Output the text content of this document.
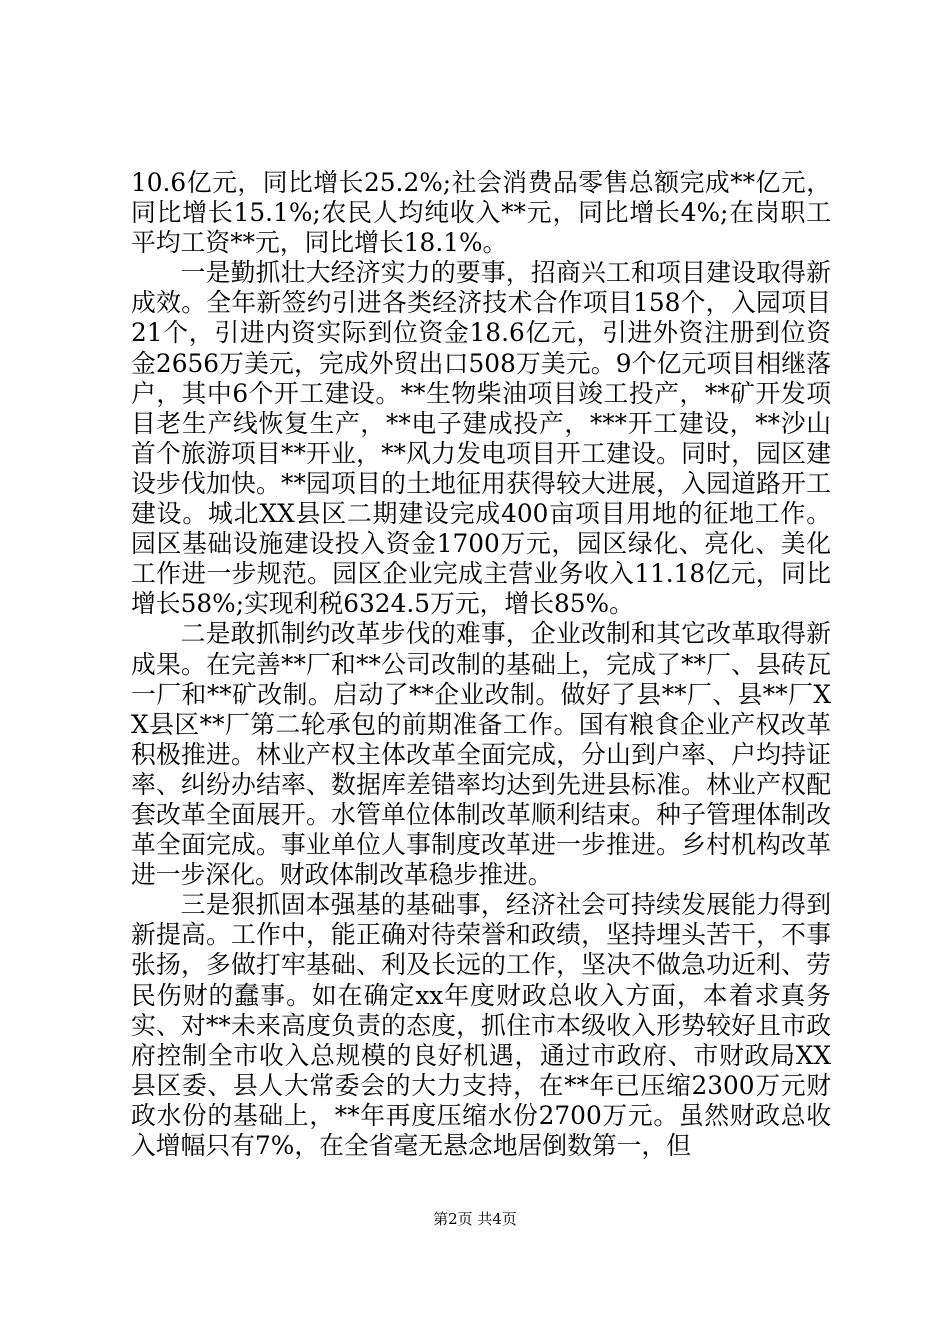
10.6亿元，同比增长25.2%;社会消费品零售总额完成**亿元，同比增长15.1%;农民人均纯收入**元，同比增长4%;在岗职工平均工资**元，同比增长18.1%。

一是勤抓壮大经济实力的要事，招商兴工和项目建设取得新成效。全年新签约引进各类经济技术合作项目158个，入园项目21个，引进内资实际到位资金18.6亿元，引进外资注册到位资金2656万美元，完成外贸出口508万美元。9个亿元项目相继落户，其中6个开工建设。**生物柴油项目竣工投产，**矿开发项目老生产线恢复生产，**电子建成投产，***开工建设，**沙山首个旅游项目**开业，**风力发电项目开工建设。同时，园区建设步伐加快。**园项目的土地征用获得较大进展，入园道路开工建设。城北XX县区二期建设完成400亩项目用地的征地工作。园区基础设施建设投入资金1700万元，园区绿化、亮化、美化工作进一步规范。园区企业完成主营业务收入11.18亿元，同比增长58%;实现利税6324.5万元，增长85%。

二是敢抓制约改革步伐的难事，企业改制和其它改革取得新成果。在完善**厂和**公司改制的基础上，完成了**厂、县砖瓦一厂和**矿改制。启动了**企业改制。做好了县**厂、县**厂XX县区**厂第二轮承包的前期准备工作。国有粮食企业产权改革积极推进。林业产权主体改革全面完成，分山到户率、户均持证率、纠纷办结率、数据库差错率均达到先进县标准。林业产权配套改革全面展开。水管单位体制改革顺利结束。种子管理体制改革全面完成。事业单位人事制度改革进一步推进。乡村机构改革进一步深化。财政体制改革稳步推进。

三是狠抓固本强基的基础事，经济社会可持续发展能力得到新提高。工作中，能正确对待荣誉和政绩，坚持埋头苦干，不事张扬，多做打牢基础、利及长远的工作，坚决不做急功近利、劳民伤财的蠢事。如在确定xx年度财政总收入方面，本着求真务实、对**未来高度负责的态度，抓住市本级收入形势较好且市政府控制全市收入总规模的良好机遇，通过市政府、市财政局XX县区委、县人大常委会的大力支持，在**年已压缩2300万元财政水份的基础上，**年再度压缩水份2700万元。虽然财政总收入增幅只有7%，在全省毫无悬念地居倒数第一，但

第2页 共4页
